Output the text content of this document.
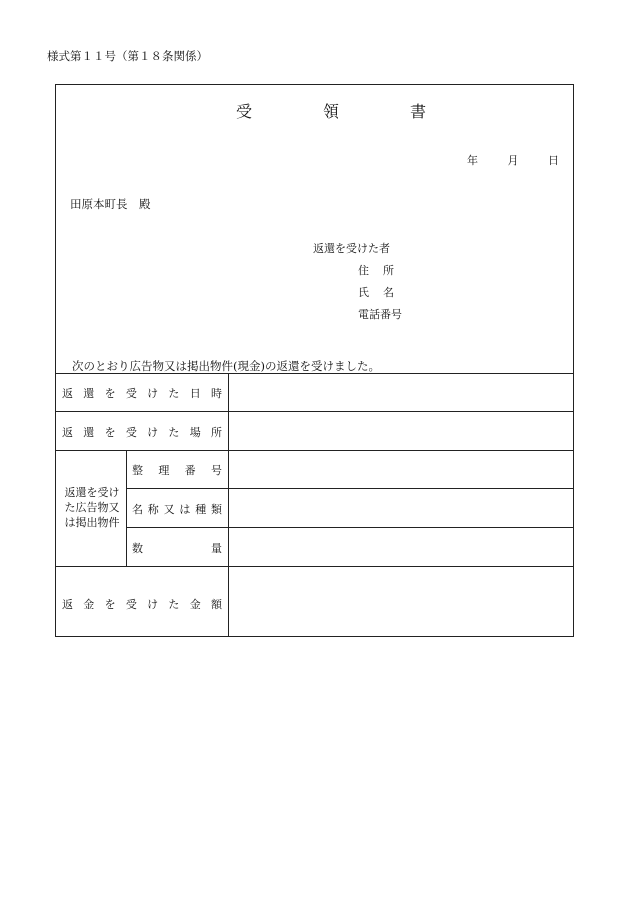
様式第１１号（第１８条関係）
受	領	書
年	月	日
田原本町長　殿
返還を受けた者
住 所
氏 名
電話番号
次のとおり広告物又は掲出物件(現金)の返還を受けました。
返 還 を 受 け た 日 時
返 還 を 受 け た 場 所
返還を受け
た広告物又
は掲出物件
整 理 番 号
名 称 又 は 種 類
数	量
返 金 を 受 け た 金 額
